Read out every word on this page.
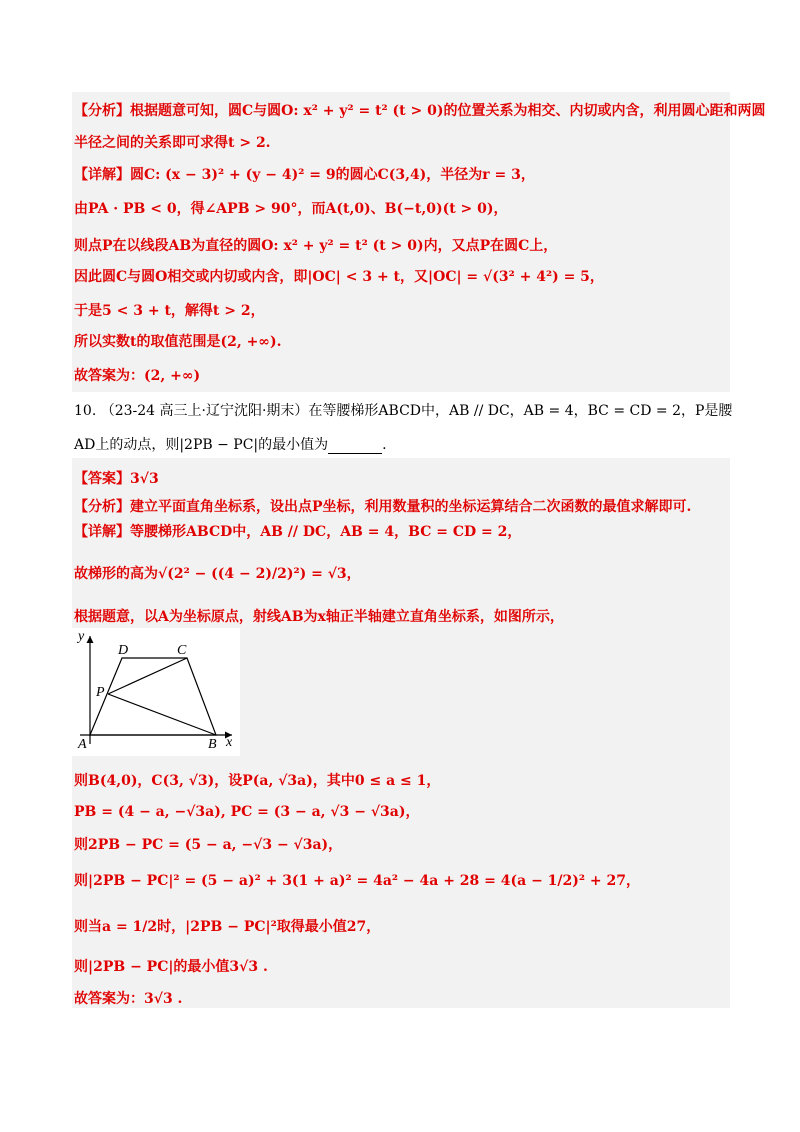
【分析】根据题意可知，圆C与圆O: x² + y² = t² (t > 0)的位置关系为相交、内切或内含，利用圆心距和两圆
半径之间的关系即可求得t > 2.
【详解】圆C: (x − 3)² + (y − 4)² = 9的圆心C(3,4)，半径为r = 3，
由PA · PB < 0，得∠APB > 90°，而A(t,0)、B(−t,0)(t > 0)，
则点P在以线段AB为直径的圆O: x² + y² = t² (t > 0)内，又点P在圆C上，
因此圆C与圆O相交或内切或内含，即|OC| < 3 + t，又|OC| = √(3² + 4²) = 5，
于是5 < 3 + t，解得t > 2，
所以实数t的取值范围是(2, +∞).
故答案为：(2, +∞)
10. （23-24 高三上·辽宁沈阳·期末）在等腰梯形ABCD中，AB // DC，AB = 4，BC = CD = 2，P是腰
AD上的动点，则|2PB − PC|的最小值为	.
【答案】3√3
【分析】建立平面直角坐标系，设出点P坐标，利用数量积的坐标运算结合二次函数的最值求解即可.
【详解】等腰梯形ABCD中，AB // DC，AB = 4，BC = CD = 2，
故梯形的高为√(2² − ((4 − 2)/2)²) = √3，
根据题意，以A为坐标原点，射线AB为x轴正半轴建立直角坐标系，如图所示，
y
x
A	B
C
D
P
则B(4,0)，C(3, √3)，设P(a, √3a)，其中0 ≤ a ≤ 1，
PB = (4 − a, −√3a), PC = (3 − a, √3 − √3a)，
则2PB − PC = (5 − a, −√3 − √3a)，
则|2PB − PC|² = (5 − a)² + 3(1 + a)² = 4a² − 4a + 28 = 4(a − 1/2)² + 27，
则当a = 1/2时，|2PB − PC|²取得最小值27，
则|2PB − PC|的最小值3√3 .
故答案为：3√3 .
